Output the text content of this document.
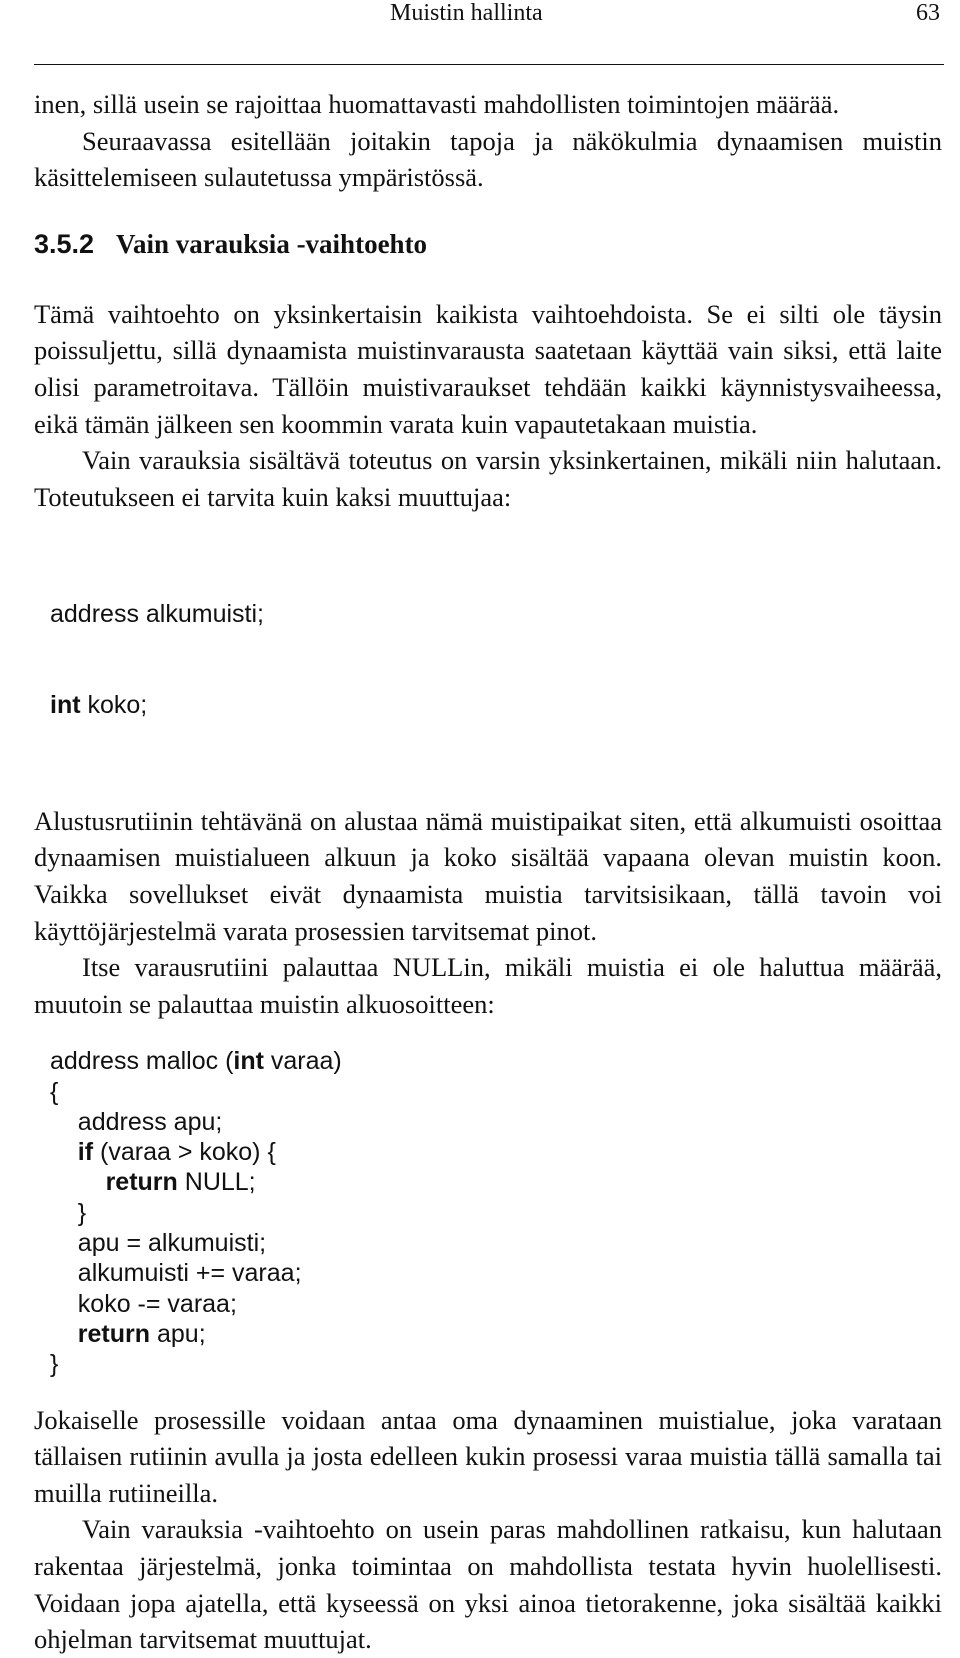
Muistin hallinta	63

inen, sillä usein se rajoittaa huomattavasti mahdollisten toimintojen määrää.

Seuraavassa esitellään joitakin tapoja ja näkökulmia dynaamisen muistin käsittelemiseen sulautetussa ympäristössä.

3.5.2 Vain varauksia -vaihtoehto

Tämä vaihtoehto on yksinkertaisin kaikista vaihtoehdoista. Se ei silti ole täysin poissuljettu, sillä dynaamista muistinvarausta saatetaan käyttää vain siksi, että laite olisi parametroitava. Tällöin muistivaraukset tehdään kaikki käynnistysvaiheessa, eikä tämän jälkeen sen koommin varata kuin vapautetakaan muistia.

Vain varauksia sisältävä toteutus on varsin yksinkertainen, mikäli niin halutaan. Toteutukseen ei tarvita kuin kaksi muuttujaa:

address alkumuisti;

int koko;

Alustusrutiinin tehtävänä on alustaa nämä muistipaikat siten, että alkumuisti osoittaa dynaamisen muistialueen alkuun ja koko sisältää vapaana olevan muistin koon. Vaikka sovellukset eivät dynaamista muistia tarvitsisikaan, tällä tavoin voi käyttöjärjestelmä varata prosessien tarvitsemat pinot.

Itse varausrutiini palauttaa NULLin, mikäli muistia ei ole haluttua määrää, muutoin se palauttaa muistin alkuosoitteen:

address malloc (int varaa)
{
address apu;
if (varaa > koko) {
return NULL;
}
apu = alkumuisti;
alkumuisti += varaa;
koko -= varaa;
return apu;
}

Jokaiselle prosessille voidaan antaa oma dynaaminen muistialue, joka varataan tällaisen rutiinin avulla ja josta edelleen kukin prosessi varaa muistia tällä samalla tai muilla rutiineilla.

Vain varauksia -vaihtoehto on usein paras mahdollinen ratkaisu, kun halutaan rakentaa järjestelmä, jonka toimintaa on mahdollista testata hyvin huolellisesti. Voidaan jopa ajatella, että kyseessä on yksi ainoa tietorakenne, joka sisältää kaikki ohjelman tarvitsemat muuttujat.
